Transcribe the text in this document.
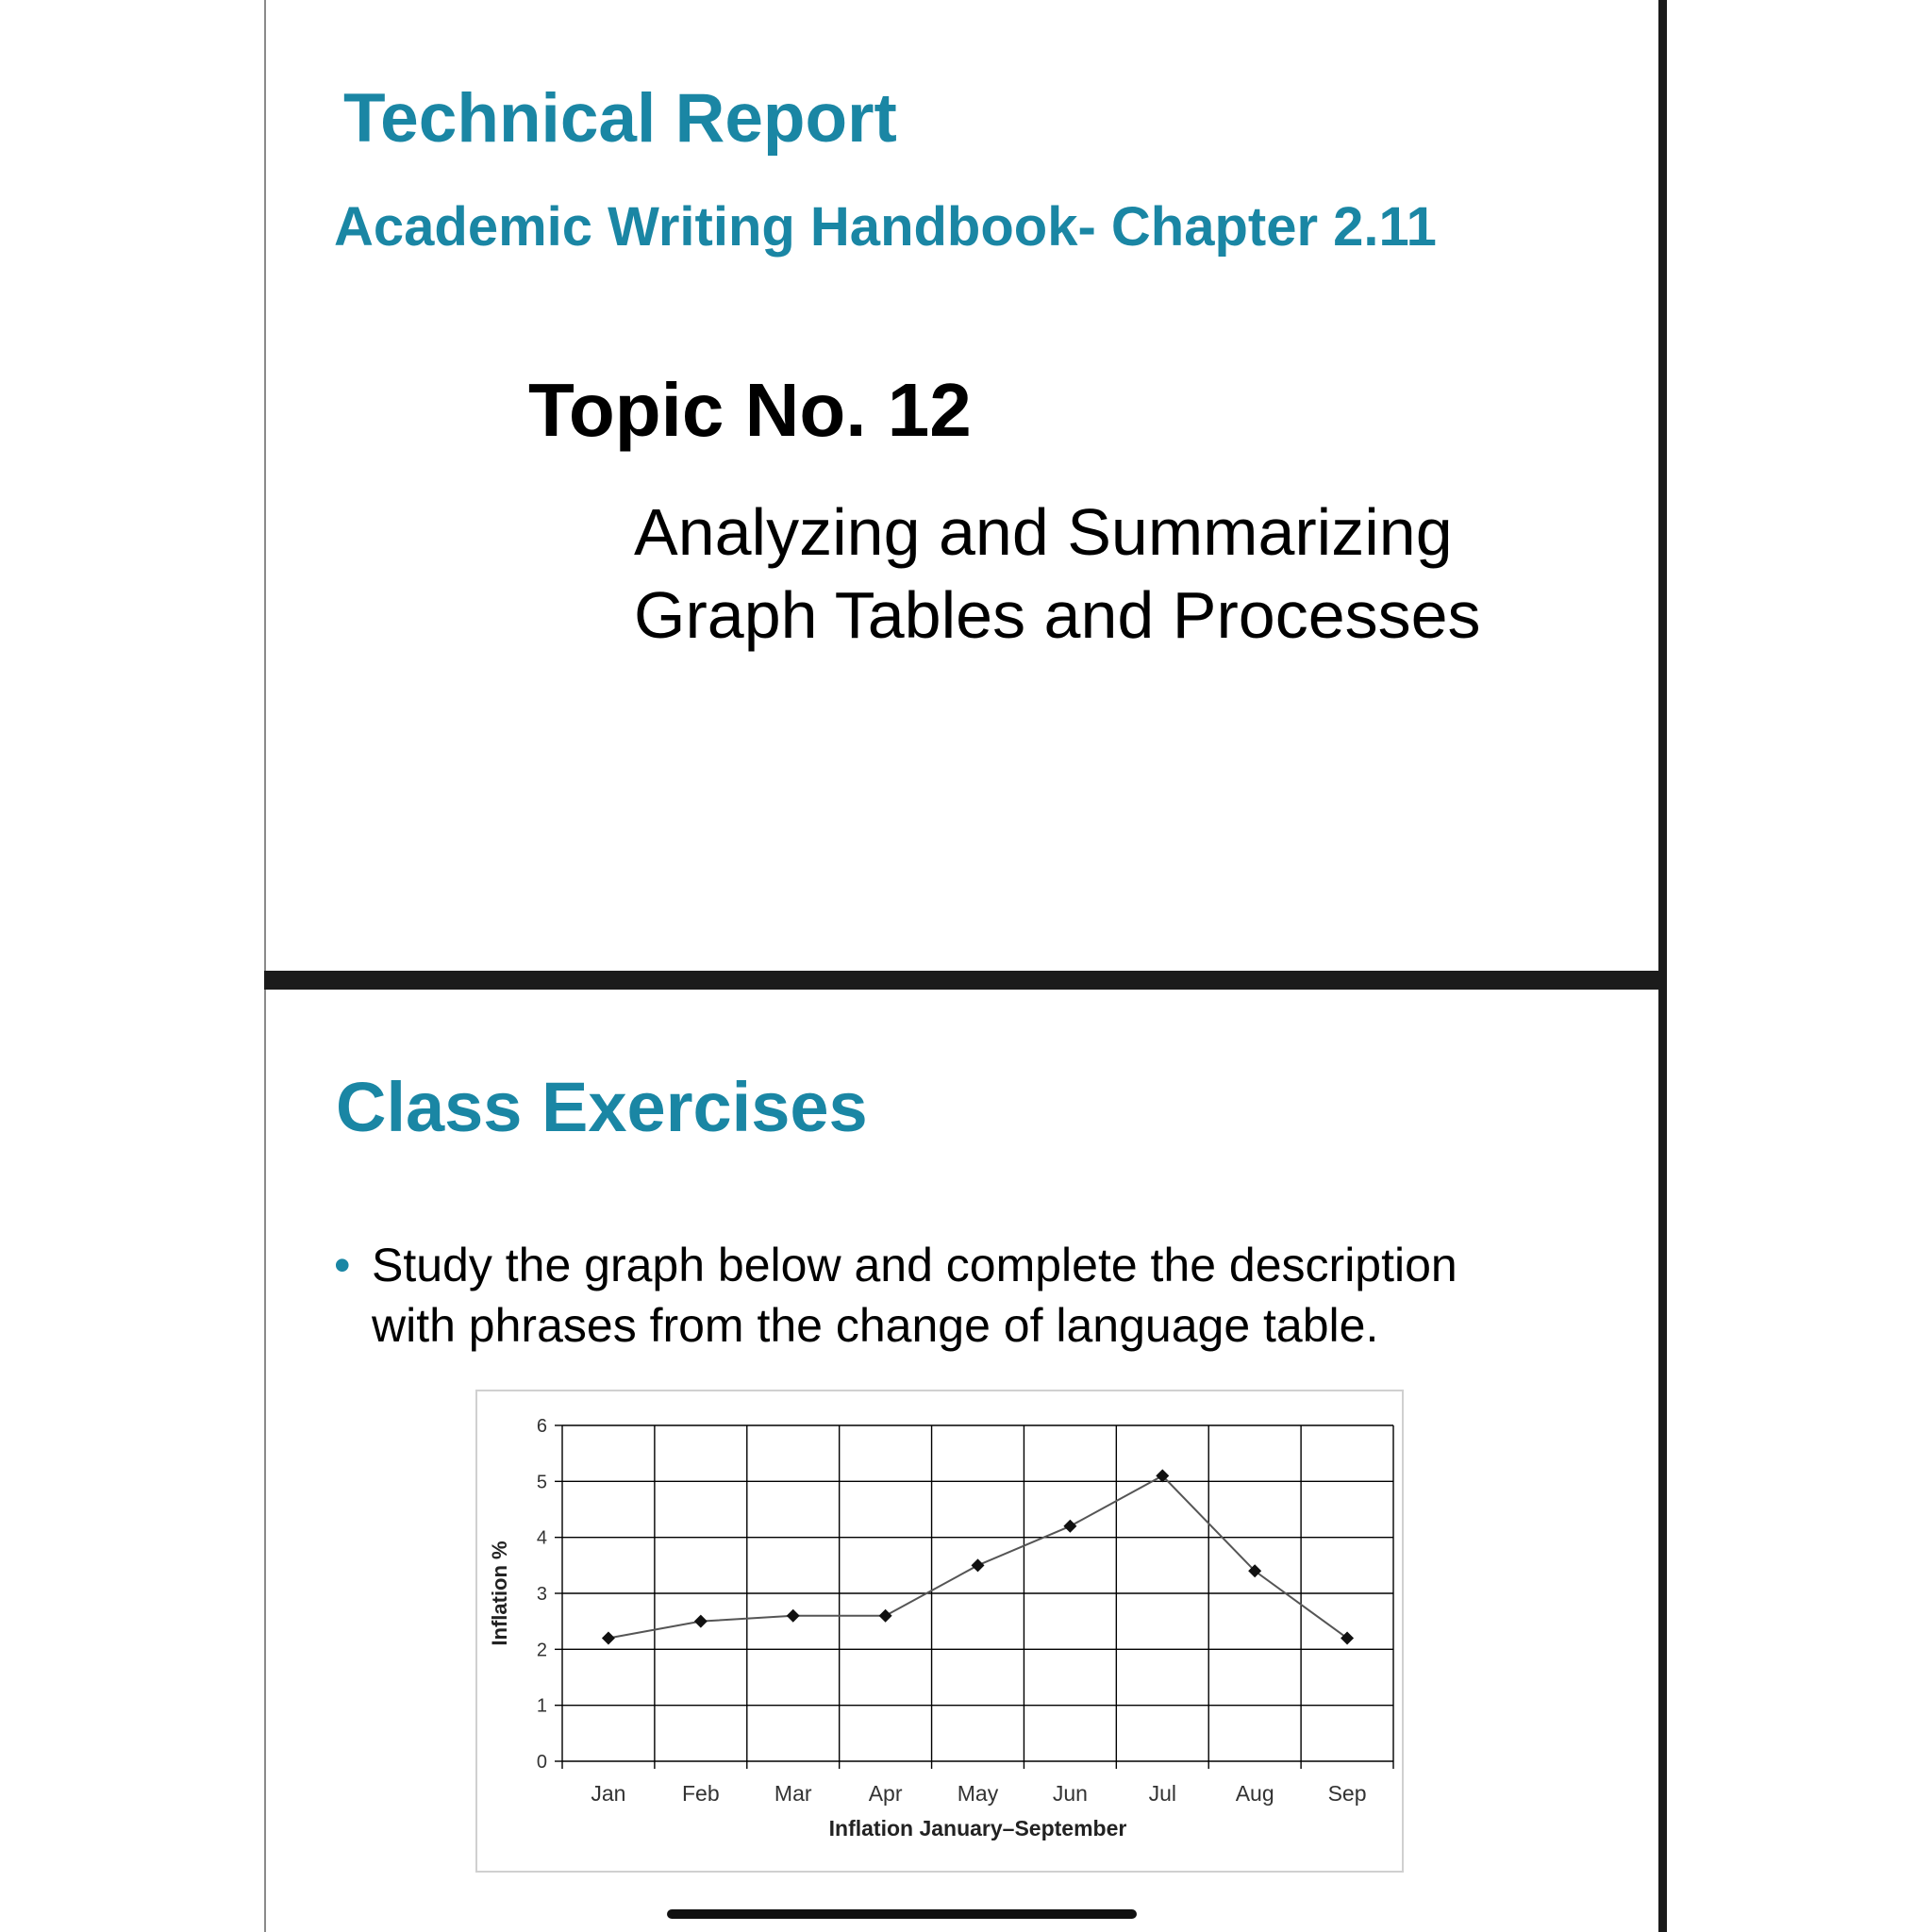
Technical Report
Academic Writing Handbook- Chapter 2.11
Topic No. 12

Analyzing and Summarizing
Graph Tables and Processes

Class Exercises
• Study the graph below and complete the description
with phrases from the change of language table.
0
1
2
3
4
5
6
Jan	Feb	Mar	Apr	May	Jun	Jul	Aug Sep
Inflation January–September
Inflation %
